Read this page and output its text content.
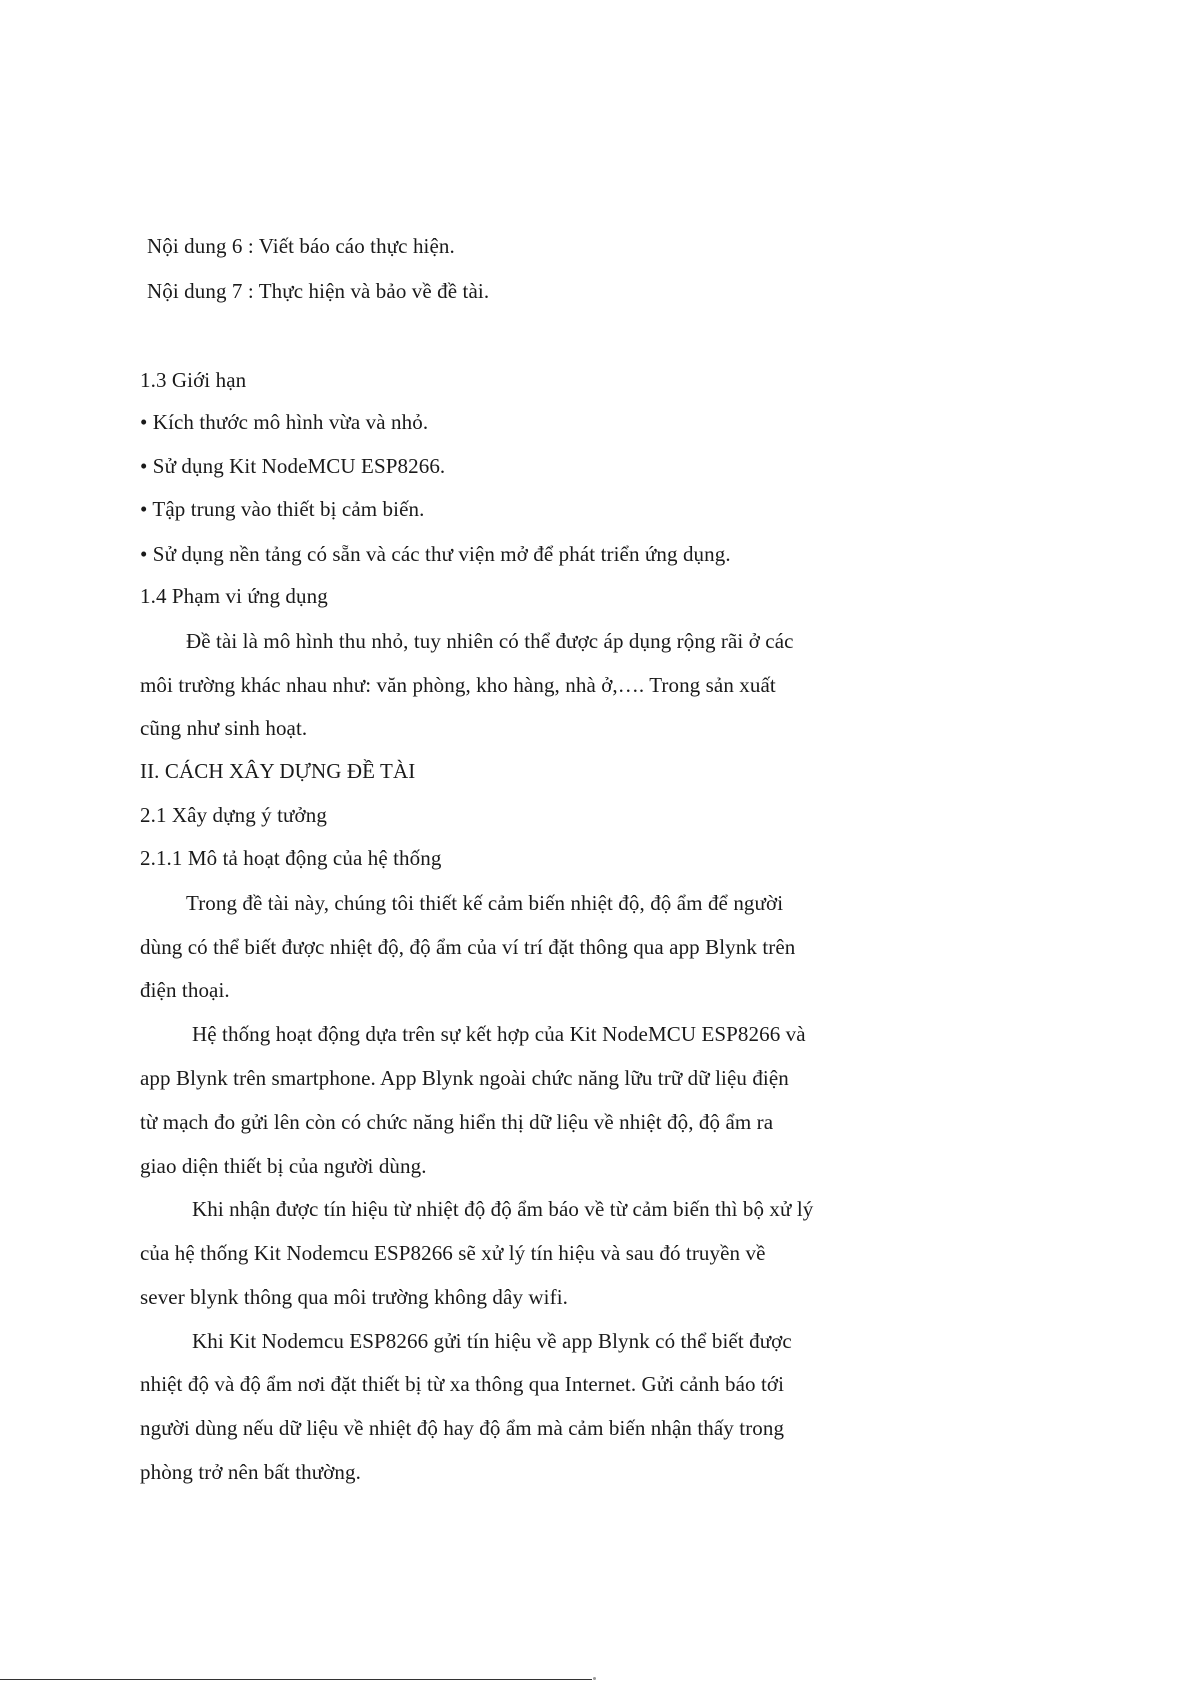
Nội dung 6 : Viết báo cáo thực hiện.
Nội dung 7 : Thực hiện và bảo về đề tài.
1.3 Giới hạn
• Kích thước mô hình vừa và nhỏ.
• Sử dụng Kit NodeMCU ESP8266.
• Tập trung vào thiết bị cảm biến.
• Sử dụng nền tảng có sẵn và các thư viện mở để phát triển ứng dụng.
1.4 Phạm vi ứng dụng
Đề tài là mô hình thu nhỏ, tuy nhiên có thể được áp dụng rộng rãi ở các
môi trường khác nhau như: văn phòng, kho hàng, nhà ở,…. Trong sản xuất
cũng như sinh hoạt.
II. CÁCH XÂY DỰNG ĐỀ TÀI
2.1 Xây dựng ý tưởng
2.1.1 Mô tả hoạt động của hệ thống
Trong đề tài này, chúng tôi thiết kế cảm biến nhiệt độ, độ ẩm để người
dùng có thể biết được nhiệt độ, độ ẩm của ví trí đặt thông qua app Blynk trên
điện thoại.
Hệ thống hoạt động dựa trên sự kết hợp của Kit NodeMCU ESP8266 và
app Blynk trên smartphone. App Blynk ngoài chức năng lữu trữ dữ liệu điện
từ mạch đo gửi lên còn có chức năng hiển thị dữ liệu về nhiệt độ, độ ẩm ra
giao diện thiết bị của người dùng.
Khi nhận được tín hiệu từ nhiệt độ độ ẩm báo về từ cảm biến thì bộ xử lý
của hệ thống Kit Nodemcu ESP8266 sẽ xử lý tín hiệu và sau đó truyền về
sever blynk thông qua môi trường không dây wifi.
Khi Kit Nodemcu ESP8266 gửi tín hiệu về app Blynk có thể biết được
nhiệt độ và độ ẩm nơi đặt thiết bị từ xa thông qua Internet. Gửi cảnh báo tới
người dùng nếu dữ liệu về nhiệt độ hay độ ẩm mà cảm biến nhận thấy trong
phòng trở nên bất thường.
